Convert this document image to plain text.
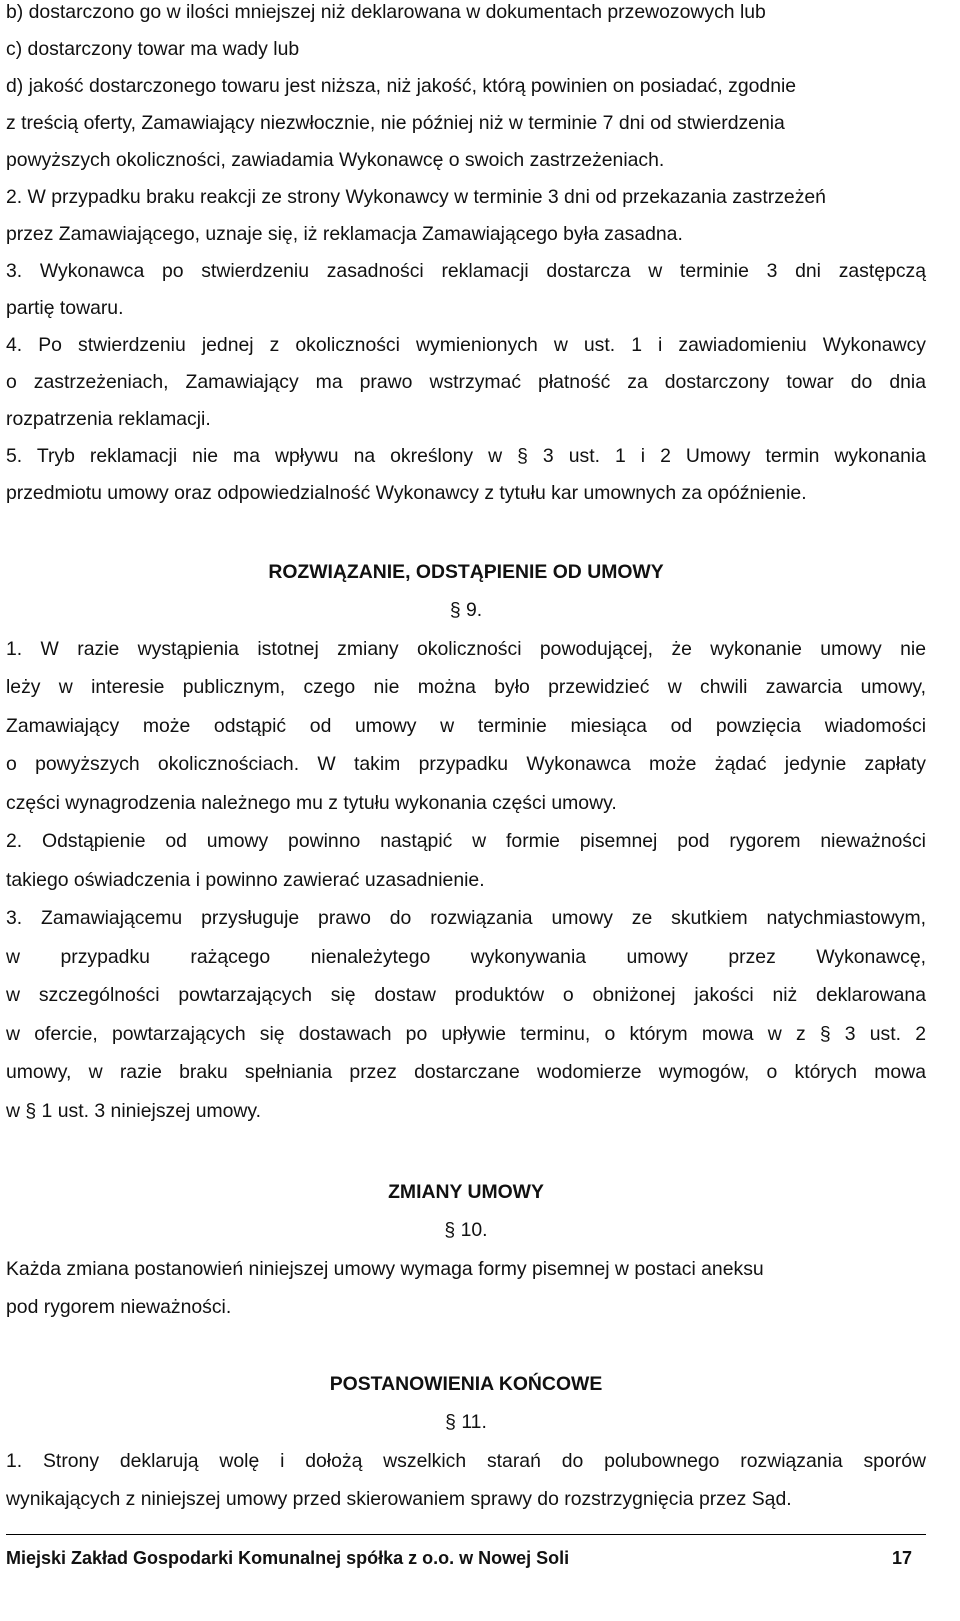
b) dostarczono go w ilości mniejszej niż deklarowana w dokumentach przewozowych lub
c) dostarczony towar ma wady lub
d) jakość dostarczonego towaru jest niższa, niż jakość, którą powinien on posiadać, zgodnie
z treścią oferty, Zamawiający niezwłocznie, nie później niż w terminie 7 dni od stwierdzenia
powyższych okoliczności, zawiadamia Wykonawcę o swoich zastrzeżeniach.
2. W przypadku braku reakcji ze strony Wykonawcy w terminie 3 dni od przekazania zastrzeżeń
przez Zamawiającego, uznaje się, iż reklamacja Zamawiającego była zasadna.
3. Wykonawca po stwierdzeniu zasadności reklamacji dostarcza w terminie 3 dni zastępczą
partię towaru.
4. Po stwierdzeniu jednej z okoliczności wymienionych w ust. 1 i zawiadomieniu Wykonawcy
o zastrzeżeniach, Zamawiający ma prawo wstrzymać płatność za dostarczony towar do dnia
rozpatrzenia reklamacji.
5. Tryb reklamacji nie ma wpływu na określony w § 3 ust. 1 i 2 Umowy termin wykonania
przedmiotu umowy oraz odpowiedzialność Wykonawcy z tytułu kar umownych za opóźnienie.
ROZWIĄZANIE, ODSTĄPIENIE OD UMOWY
§ 9.
1. W razie wystąpienia istotnej zmiany okoliczności powodującej, że wykonanie umowy nie
leży w interesie publicznym, czego nie można było przewidzieć w chwili zawarcia umowy,
Zamawiający może odstąpić od umowy w terminie miesiąca od powzięcia wiadomości
o powyższych okolicznościach. W takim przypadku Wykonawca może żądać jedynie zapłaty
części wynagrodzenia należnego mu z tytułu wykonania części umowy.
2. Odstąpienie od umowy powinno nastąpić w formie pisemnej pod rygorem nieważności
takiego oświadczenia i powinno zawierać uzasadnienie.
3. Zamawiającemu przysługuje prawo do rozwiązania umowy ze skutkiem natychmiastowym,
w przypadku rażącego nienależytego wykonywania umowy przez Wykonawcę,
w szczególności powtarzających się dostaw produktów o obniżonej jakości niż deklarowana
w ofercie, powtarzających się dostawach po upływie terminu, o którym mowa w z § 3 ust. 2
umowy, w razie braku spełniania przez dostarczane wodomierze wymogów, o których mowa
w § 1 ust. 3 niniejszej umowy.
ZMIANY UMOWY
§ 10.
Każda zmiana postanowień niniejszej umowy wymaga formy pisemnej w postaci aneksu
pod rygorem nieważności.
POSTANOWIENIA KOŃCOWE
§ 11.
1. Strony deklarują wolę i dołożą wszelkich starań do polubownego rozwiązania sporów
wynikających z niniejszej umowy przed skierowaniem sprawy do rozstrzygnięcia przez Sąd.
Miejski Zakład Gospodarki Komunalnej spółka z o.o. w Nowej Soli	17
